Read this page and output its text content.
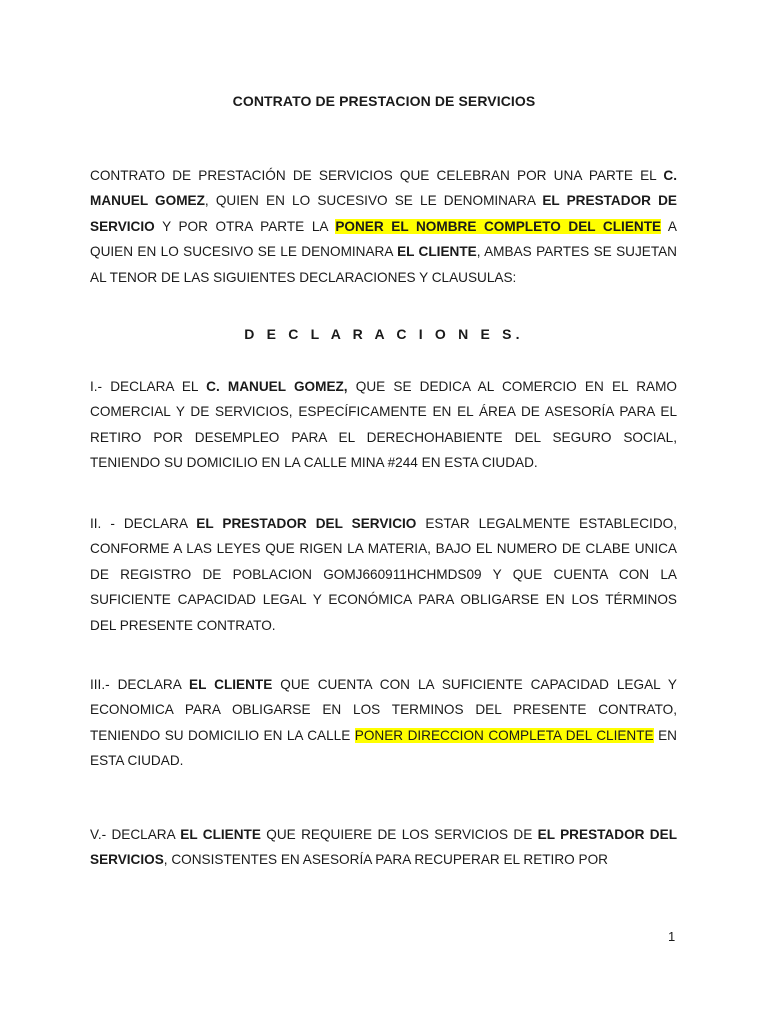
CONTRATO DE PRESTACION DE SERVICIOS

CONTRATO DE PRESTACIÓN DE SERVICIOS QUE CELEBRAN POR UNA PARTE EL C. MANUEL GOMEZ, QUIEN EN LO SUCESIVO SE LE DENOMINARA EL PRESTADOR DE SERVICIO Y POR OTRA PARTE LA PONER EL NOMBRE COMPLETO DEL CLIENTE A QUIEN EN LO SUCESIVO SE LE DENOMINARA EL CLIENTE, AMBAS PARTES SE SUJETAN AL TENOR DE LAS SIGUIENTES DECLARACIONES Y CLAUSULAS:

D E C L A R A C I O N E S.

I.- DECLARA EL C. MANUEL GOMEZ, QUE SE DEDICA AL COMERCIO EN EL RAMO COMERCIAL Y DE SERVICIOS, ESPECÍFICAMENTE EN EL ÁREA DE ASESORÍA PARA EL RETIRO POR DESEMPLEO PARA EL DERECHOHABIENTE DEL SEGURO SOCIAL, TENIENDO SU DOMICILIO EN LA CALLE MINA #244 EN ESTA CIUDAD.

II. - DECLARA EL PRESTADOR DEL SERVICIO ESTAR LEGALMENTE ESTABLECIDO, CONFORME A LAS LEYES QUE RIGEN LA MATERIA, BAJO EL NUMERO DE CLABE UNICA DE REGISTRO DE POBLACION GOMJ660911HCHMDS09 Y QUE CUENTA CON LA SUFICIENTE CAPACIDAD LEGAL Y ECONÓMICA PARA OBLIGARSE EN LOS TÉRMINOS DEL PRESENTE CONTRATO.

III.- DECLARA EL CLIENTE QUE CUENTA CON LA SUFICIENTE CAPACIDAD LEGAL Y ECONOMICA PARA OBLIGARSE EN LOS TERMINOS DEL PRESENTE CONTRATO, TENIENDO SU DOMICILIO EN LA CALLE PONER DIRECCION COMPLETA DEL CLIENTE EN ESTA CIUDAD.

V.- DECLARA EL CLIENTE QUE REQUIERE DE LOS SERVICIOS DE EL PRESTADOR DEL SERVICIOS, CONSISTENTES EN ASESORÍA PARA RECUPERAR EL RETIRO POR

1
